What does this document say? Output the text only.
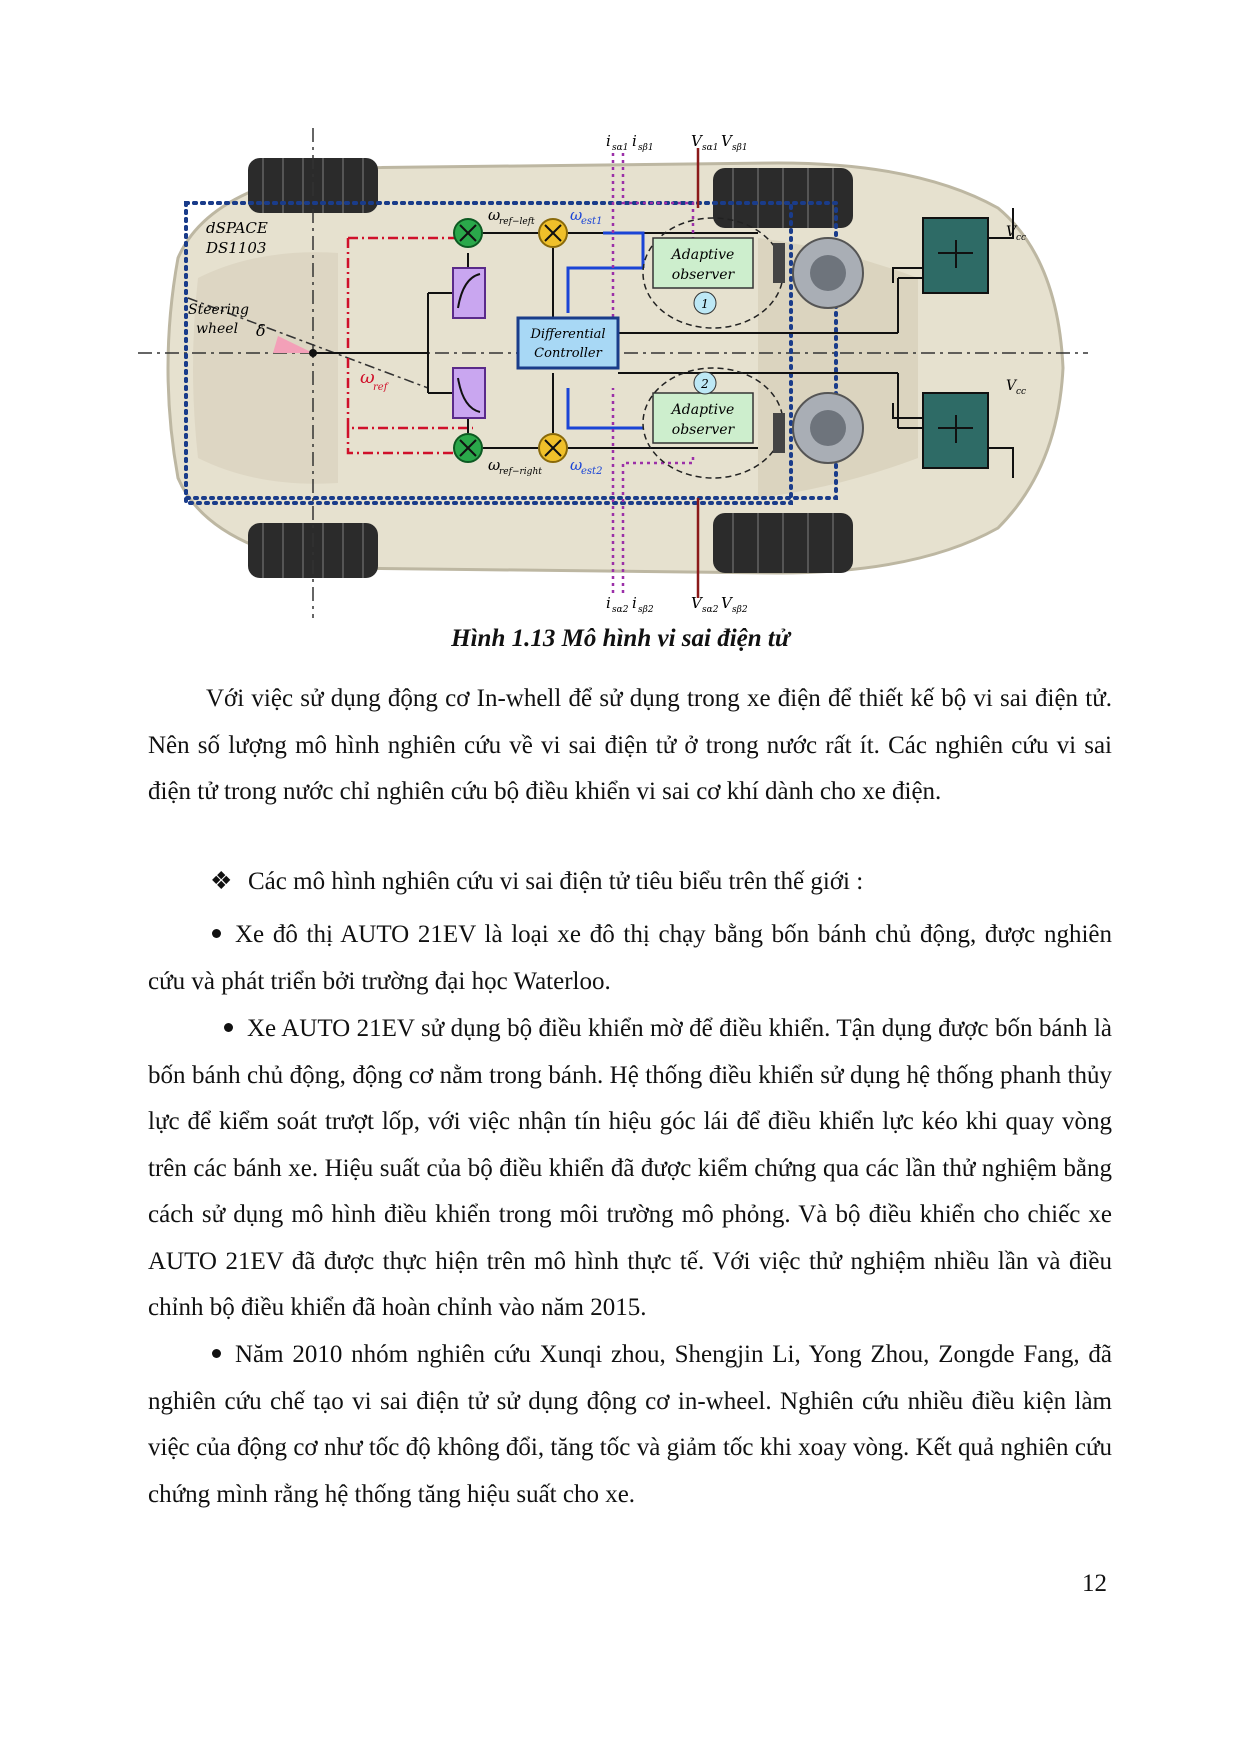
Differential
Controller
Adaptive
observer
1
Adaptive
observer
2
dSPACE
DS1103
Steering
wheel δ
ω
ref
ω
ref−left
ω
ref−right
ω
est1
ω
est2
i sα1 i sβ1 V sα1 V sβ1
i sα2 i sβ2 V sα2 V sβ2
V cc
V cc
Hình 1.13 Mô hình vi sai điện tử
Với việc sử dụng động cơ In-whell để sử dụng trong xe điện để thiết kế bộ vi sai điện tử. Nên số lượng mô hình nghiên cứu về vi sai điện tử ở trong nước rất ít. Các nghiên cứu vi sai điện tử trong nước chỉ nghiên cứu bộ điều khiển vi sai cơ khí dành cho xe điện.
❖ Các mô hình nghiên cứu vi sai điện tử tiêu biểu trên thế giới :
Xe đô thị AUTO 21EV là loại xe đô thị chạy bằng bốn bánh chủ động, được nghiên cứu và phát triển bởi trường đại học Waterloo.
Xe AUTO 21EV sử dụng bộ điều khiển mờ để điều khiển. Tận dụng được bốn bánh là bốn bánh chủ động, động cơ nằm trong bánh. Hệ thống điều khiển sử dụng hệ thống phanh thủy lực để kiểm soát trượt lốp, với việc nhận tín hiệu góc lái để điều khiển lực kéo khi quay vòng trên các bánh xe. Hiệu suất của bộ điều khiển đã được kiểm chứng qua các lần thử nghiệm bằng cách sử dụng mô hình điều khiển trong môi trường mô phỏng. Và bộ điều khiển cho chiếc xe AUTO 21EV đã được thực hiện trên mô hình thực tế. Với việc thử nghiệm nhiều lần và điều chỉnh bộ điều khiển đã hoàn chỉnh vào năm 2015.
Năm 2010 nhóm nghiên cứu Xunqi zhou, Shengjin Li, Yong Zhou, Zongde Fang, đã nghiên cứu chế tạo vi sai điện tử sử dụng động cơ in-wheel. Nghiên cứu nhiều điều kiện làm việc của động cơ như tốc độ không đổi, tăng tốc và giảm tốc khi xoay vòng. Kết quả nghiên cứu chứng mình rằng hệ thống tăng hiệu suất cho xe.
12
